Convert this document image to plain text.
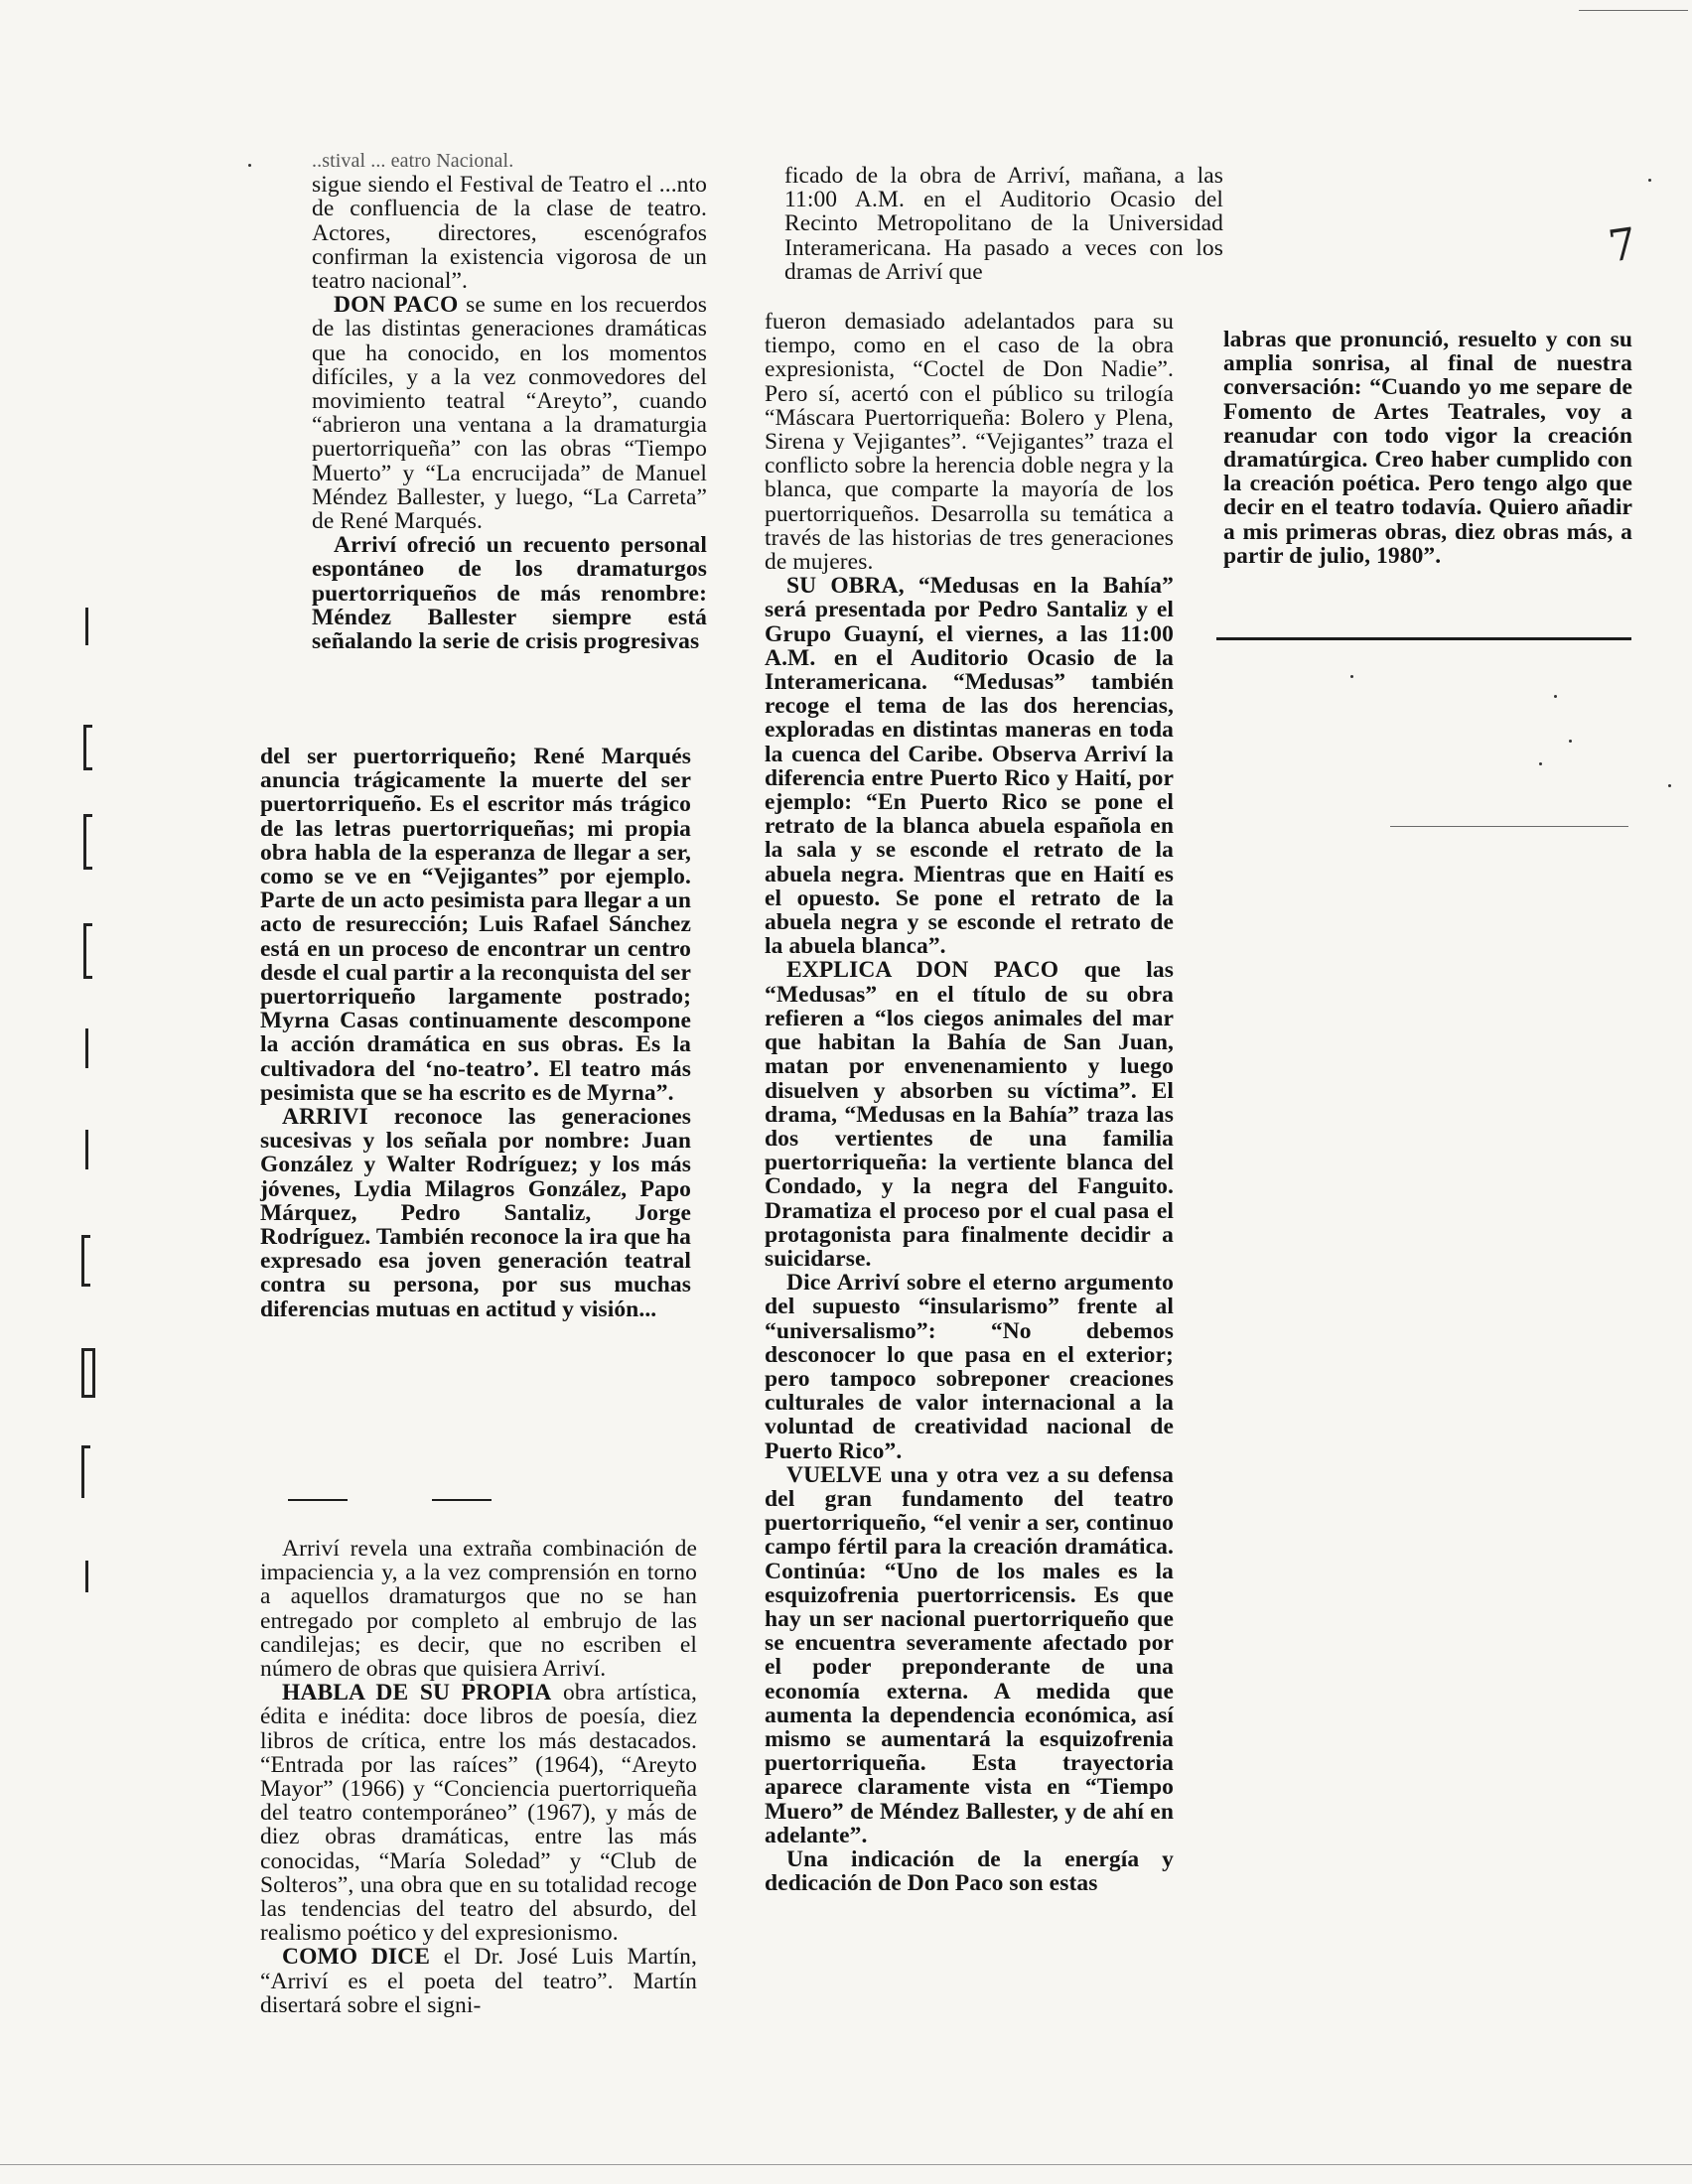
7

..stival ... eatro Nacional.

sigue siendo el Festival de Teatro el ...nto de confluencia de la clase de teatro. Actores, directores, escenógrafos confirman la existencia vigorosa de un teatro nacional”.

DON PACO se sume en los recuerdos de las distintas generaciones dramáticas que ha conocido, en los momentos difíciles, y a la vez conmovedores del movimiento teatral “Areyto”, cuando “abrieron una ventana a la dramaturgia puertorriqueña” con las obras “Tiempo Muerto” y “La encrucijada” de Manuel Méndez Ballester, y luego, “La Carreta” de René Marqués.

Arriví ofreció un recuento personal espontáneo de los dramaturgos puertorriqueños de más renombre: Méndez Ballester siempre está señalando la serie de crisis progresivas

del ser puertorriqueño; René Marqués anuncia trágicamente la muerte del ser puertorriqueño. Es el escritor más trágico de las letras puertorriqueñas; mi propia obra habla de la esperanza de llegar a ser, como se ve en “Vejigantes” por ejemplo. Parte de un acto pesimista para llegar a un acto de resurección; Luis Rafael Sánchez está en un proceso de encontrar un centro desde el cual partir a la reconquista del ser puertorriqueño largamente postrado; Myrna Casas continuamente descompone la acción dramática en sus obras. Es la cultivadora del ‘no-teatro’. El teatro más pesimista que se ha escrito es de Myrna”.

ARRIVI reconoce las generaciones sucesivas y los señala por nombre: Juan González y Walter Rodríguez; y los más jóvenes, Lydia Milagros González, Papo Márquez, Pedro Santaliz, Jorge Rodríguez. También reconoce la ira que ha expresado esa joven generación teatral contra su persona, por sus muchas diferencias mutuas en actitud y visión...

Arriví revela una extraña combinación de impaciencia y, a la vez comprensión en torno a aquellos dramaturgos que no se han entregado por completo al embrujo de las candilejas; es decir, que no escriben el número de obras que quisiera Arriví.

HABLA DE SU PROPIA obra artística, édita e inédita: doce libros de poesía, diez libros de crítica, entre los más destacados. “Entrada por las raíces” (1964), “Areyto Mayor” (1966) y “Conciencia puertorriqueña del teatro contemporáneo” (1967), y más de diez obras dramáticas, entre las más conocidas, “María Soledad” y “Club de Solteros”, una obra que en su totalidad recoge las tendencias del teatro del absurdo, del realismo poético y del expresionismo.

COMO DICE el Dr. José Luis Martín, “Arriví es el poeta del teatro”. Martín disertará sobre el signi-

ficado de la obra de Arriví, mañana, a las 11:00 A.M. en el Auditorio Ocasio del Recinto Metropolitano de la Universidad Interamericana. Ha pasado a veces con los dramas de Arriví que

fueron demasiado adelantados para su tiempo, como en el caso de la obra expresionista, “Coctel de Don Nadie”. Pero sí, acertó con el público su trilogía “Máscara Puertorriqueña: Bolero y Plena, Sirena y Vejigantes”. “Vejigantes” traza el conflicto sobre la herencia doble negra y la blanca, que comparte la mayoría de los puertorriqueños. Desarrolla su temática a través de las historias de tres generaciones de mujeres.

SU OBRA, “Medusas en la Bahía” será presentada por Pedro Santaliz y el Grupo Guayní, el viernes, a las 11:00 A.M. en el Auditorio Ocasio de la Interamericana. “Medusas” también recoge el tema de las dos herencias, exploradas en distintas maneras en toda la cuenca del Caribe. Observa Arriví la diferencia entre Puerto Rico y Haití, por ejemplo: “En Puerto Rico se pone el retrato de la blanca abuela española en la sala y se esconde el retrato de la abuela negra. Mientras que en Haití es el opuesto. Se pone el retrato de la abuela negra y se esconde el retrato de la abuela blanca”.

EXPLICA DON PACO que las “Medusas” en el título de su obra refieren a “los ciegos animales del mar que habitan la Bahía de San Juan, matan por envenenamiento y luego disuelven y absorben su víctima”. El drama, “Medusas en la Bahía” traza las dos vertientes de una familia puertorriqueña: la vertiente blanca del Condado, y la negra del Fanguito. Dramatiza el proceso por el cual pasa el protagonista para finalmente decidir a suicidarse.

Dice Arriví sobre el eterno argumento del supuesto “insularismo” frente al “universalismo”: “No debemos desconocer lo que pasa en el exterior; pero tampoco sobreponer creaciones culturales de valor internacional a la voluntad de creatividad nacional de Puerto Rico”.

VUELVE una y otra vez a su defensa del gran fundamento del teatro puertorriqueño, “el venir a ser, continuo campo fértil para la creación dramática. Continúa: “Uno de los males es la esquizofrenia puertorricensis. Es que hay un ser nacional puertorriqueño que se encuentra severamente afectado por el poder preponderante de una economía externa. A medida que aumenta la dependencia económica, así mismo se aumentará la esquizofrenia puertorriqueña. Esta trayectoria aparece claramente vista en “Tiempo Muero” de Méndez Ballester, y de ahí en adelante”.

Una indicación de la energía y dedicación de Don Paco son estas

labras que pronunció, resuelto y con su amplia sonrisa, al final de nuestra conversación: “Cuando yo me separe de Fomento de Artes Teatrales, voy a reanudar con todo vigor la creación dramatúrgica. Creo haber cumplido con la creación poética. Pero tengo algo que decir en el teatro todavía. Quiero añadir a mis primeras obras, diez obras más, a partir de julio, 1980”.
